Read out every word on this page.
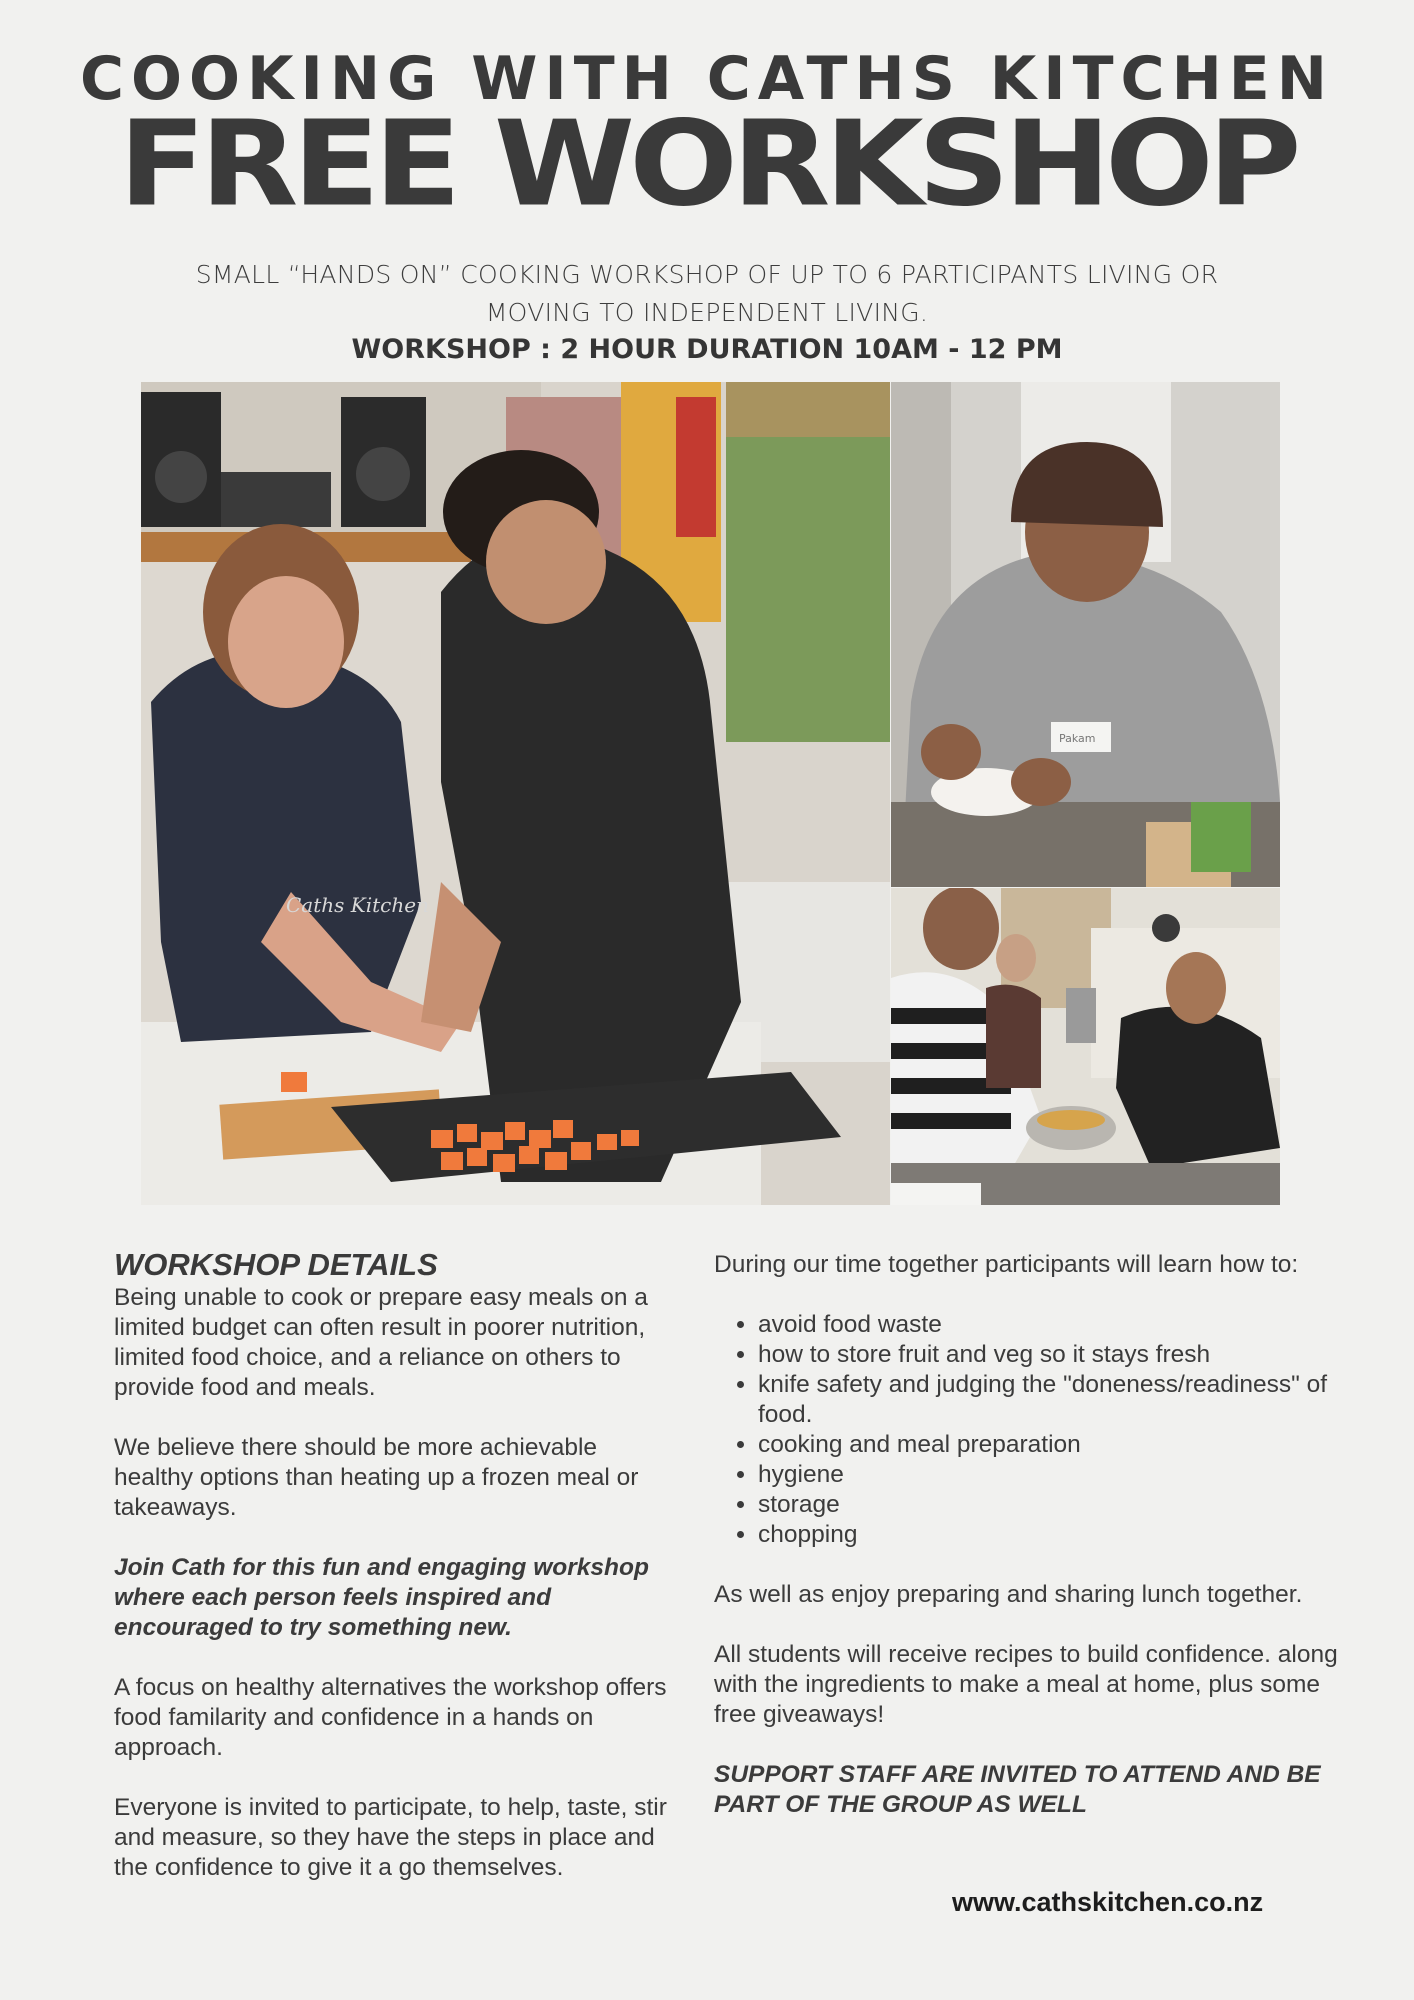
COOKING WITH CATHS KITCHEN
FREE WORKSHOP
SMALL “HANDS ON” COOKING WORKSHOP OF UP TO 6 PARTICIPANTS LIVING OR MOVING TO INDEPENDENT LIVING.
WORKSHOP : 2 HOUR DURATION 10AM - 12 PM
Caths Kitchen
Pakam

WORKSHOP DETAILS

Being unable to cook or prepare easy meals on a limited budget can often result in poorer nutrition, limited food choice, and a reliance on others to provide food and meals.

We believe there should be more achievable healthy options than heating up a frozen meal or takeaways.

Join Cath for this fun and engaging workshop where each person feels inspired and encouraged to try something new.

A focus on healthy alternatives the workshop offers food familarity and confidence in a hands on approach.

Everyone is invited to participate, to help, taste, stir and measure, so they have the steps in place and the confidence to give it a go themselves.

During our time together participants will learn how to:

• avoid food waste
• how to store fruit and veg so it stays fresh
• knife safety and judging the "doneness/readiness" of food.
• cooking and meal preparation
• hygiene
• storage
• chopping

As well as enjoy preparing and sharing lunch together.

All students will receive recipes to build confidence. along with the ingredients to make a meal at home, plus some free giveaways!

SUPPORT STAFF ARE INVITED TO ATTEND AND BE PART OF THE GROUP AS WELL

www.cathskitchen.co.nz
